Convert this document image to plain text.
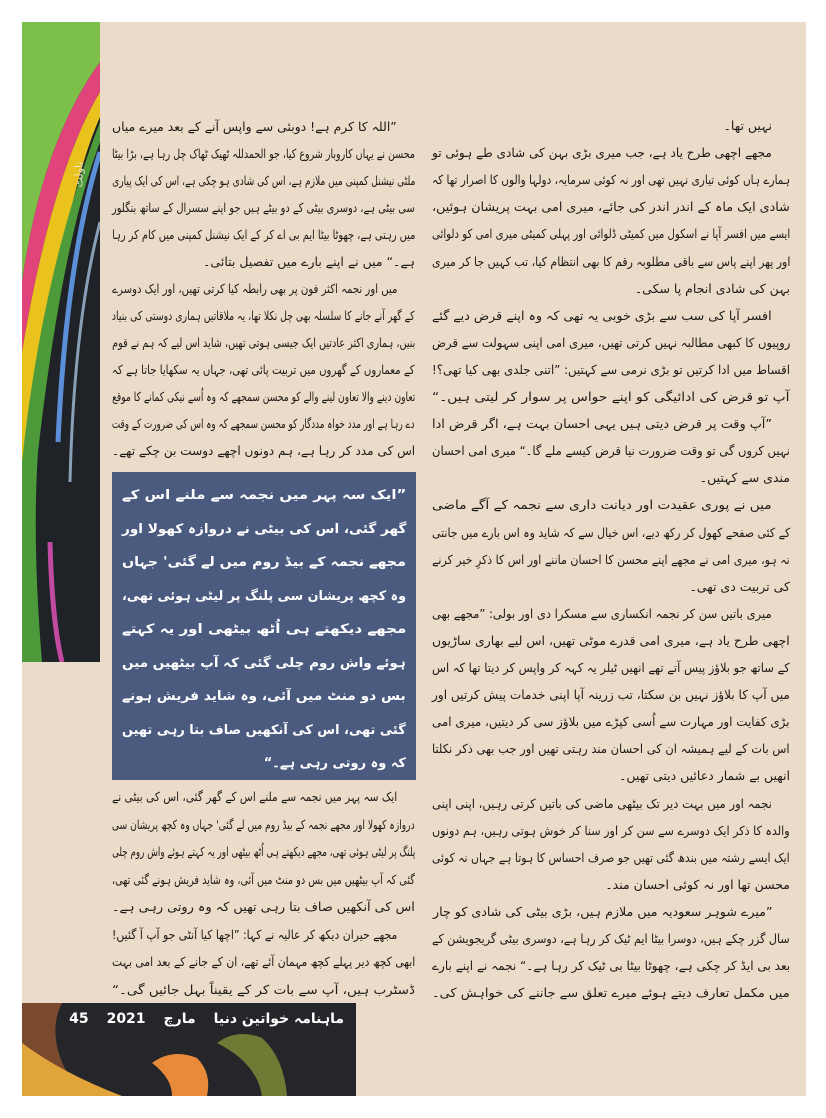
ناولٹ
نہیں تھا۔
مجھے اچھی طرح یاد ہے، جب میری بڑی بہن کی شادی طے ہوئی تو
ہمارے ہاں کوئی تیاری نہیں تھی اور نہ کوئی سرمایہ، دولہا والوں کا اصرار تھا کہ
شادی ایک ماہ کے اندر اندر کی جائے، میری امی بہت پریشان ہوئیں،
ایسے میں افسر آپا نے اسکول میں کمیٹی ڈلوائی اور پہلی کمیٹی میری امی کو دلوائی
اور پھر اپنے پاس سے باقی مطلوبہ رقم کا بھی انتظام کیا، تب کہیں جا کر میری
بہن کی شادی انجام پا سکی۔
افسر آپا کی سب سے بڑی خوبی یہ تھی کہ وہ اپنے قرض دیے گئے
روپیوں کا کبھی مطالبہ نہیں کرتی تھیں، میری امی اپنی سہولت سے قرض
اقساط میں ادا کرتیں تو بڑی نرمی سے کہتیں: ”اتنی جلدی بھی کیا تھی؟!
آپ تو قرض کی ادائیگی کو اپنے حواس پر سوار کر لیتی ہیں۔“
”آپ وقت پر قرض دیتی ہیں یہی احسان بہت ہے، اگر قرض ادا
نہیں کروں گی تو وقت ضرورت نیا قرض کیسے ملے گا۔“ میری امی احسان
مندی سے کہتیں۔
میں نے پوری عقیدت اور دیانت داری سے نجمہ کے آگے ماضی
کے کئی صفحے کھول کر رکھ دیے، اس خیال سے کہ شاید وہ اس بارے میں جانتی
نہ ہو، میری امی نے مجھے اپنے محسن کا احسان ماننے اور اس کا ذکرِ خیر کرنے
کی تربیت دی تھی۔
میری باتیں سن کر نجمہ انکساری سے مسکرا دی اور بولی: ”مجھے بھی
اچھی طرح یاد ہے، میری امی قدرے موٹی تھیں، اس لیے بھاری ساڑیوں
کے ساتھ جو بلاؤز پیس آتے تھے انھیں ٹیلر یہ کہہ کر واپس کر دیتا تھا کہ اس
میں آپ کا بلاؤز نہیں بن سکتا، تب زرینہ آپا اپنی خدمات پیش کرتیں اور
بڑی کفایت اور مہارت سے اُسی کپڑے میں بلاؤز سی کر دیتیں، میری امی
اس بات کے لیے ہمیشہ ان کی احسان مند رہتی تھیں اور جب بھی ذکر نکلتا
انھیں بے شمار دعائیں دیتی تھیں۔
نجمہ اور میں بہت دیر تک بیٹھی ماضی کی باتیں کرتی رہیں، اپنی اپنی
والدہ کا ذکر ایک دوسرے سے سن کر اور سنا کر خوش ہوتی رہیں، ہم دونوں
ایک ایسے رشتہ میں بندھ گئی تھیں جو صرف احساس کا ہوتا ہے جہاں نہ کوئی
محسن تھا اور نہ کوئی احسان مند۔
”میرے شوہر سعودیہ میں ملازم ہیں، بڑی بیٹی کی شادی کو چار
سال گزر چکے ہیں، دوسرا بیٹا ایم ٹیک کر رہا ہے، دوسری بیٹی گریجویشن کے
بعد بی ایڈ کر چکی ہے، چھوٹا بیٹا بی ٹیک کر رہا ہے۔“ نجمہ نے اپنے بارے
میں مکمل تعارف دیتے ہوئے میرے تعلق سے جاننے کی خواہش کی۔
”اللہ کا کرم ہے! دوبئی سے واپس آنے کے بعد میرے میاں
محسن نے یہاں کاروبار شروع کیا، جو الحمدللہ ٹھیک ٹھاک چل رہا ہے، بڑا بیٹا
ملٹی نیشنل کمپنی میں ملازم ہے، اس کی شادی ہو چکی ہے، اس کی ایک پیاری
سی بیٹی ہے، دوسری بیٹی کے دو بیٹے ہیں جو اپنے سسرال کے ساتھ بنگلور
میں رہتی ہے، چھوٹا بیٹا ایم بی اے کر کے ایک نیشنل کمپنی میں کام کر رہا
ہے۔“ میں نے اپنے بارے میں تفصیل بتائی۔
میں اور نجمہ اکثر فون پر بھی رابطہ کیا کرتی تھیں، اور ایک دوسرے
کے گھر آنے جانے کا سلسلہ بھی چل نکلا تھا، یہ ملاقاتیں ہماری دوستی کی بنیاد
بنیں، ہماری اکثر عادتیں ایک جیسی ہوتی تھیں، شاید اس لیے کہ ہم نے قوم
کے معماروں کے گھروں میں تربیت پائی تھی، جہاں یہ سکھایا جاتا ہے کہ
تعاون دینے والا تعاون لینے والے کو محسن سمجھے کہ وہ اُسے نیکی کمانے کا موقع
دے رہا ہے اور مدد خواہ مددگار کو محسن سمجھے کہ وہ اس کی ضرورت کے وقت
اس کی مدد کر رہا ہے، ہم دونوں اچھے دوست بن چکے تھے۔
”ایک سہ پہر میں نجمہ سے ملنے اس کے
گھر گئی، اس کی بیٹی نے دروازہ کھولا اور
مجھے نجمہ کے بیڈ روم میں لے گئی' جہاں
وہ کچھ پریشان سی پلنگ پر لیٹی ہوئی تھی،
مجھے دیکھتے ہی اُٹھ بیٹھی اور یہ کہتے
ہوئے واش روم چلی گئی کہ آپ بیٹھیں میں
بس دو منٹ میں آئی، وہ شاید فریش ہونے
گئی تھی، اس کی آنکھیں صاف بتا رہی تھیں
کہ وہ روتی رہی ہے۔“
ایک سہ پہر میں نجمہ سے ملنے اس کے گھر گئی، اس کی بیٹی نے
دروازہ کھولا اور مجھے نجمہ کے بیڈ روم میں لے گئی' جہاں وہ کچھ پریشان سی
پلنگ پر لیٹی ہوئی تھی، مجھے دیکھتے ہی اُٹھ بیٹھی اور یہ کہتے ہوئے واش روم چلی
گئی کہ آپ بیٹھیں میں بس دو منٹ میں آئی، وہ شاید فریش ہونے گئی تھی،
اس کی آنکھیں صاف بتا رہی تھیں کہ وہ روتی رہی ہے۔
مجھے حیران دیکھ کر عالیہ نے کہا: ”اچھا کیا آنٹی جو آپ آ گئیں!
ابھی کچھ دیر پہلے کچھ مہمان آئے تھے، ان کے جانے کے بعد امی بہت
ڈسٹرب ہیں، آپ سے بات کر کے یقیناً بہل جائیں گی۔“
ماہنامہ خواتین دنیا
مارچ
2021
45
